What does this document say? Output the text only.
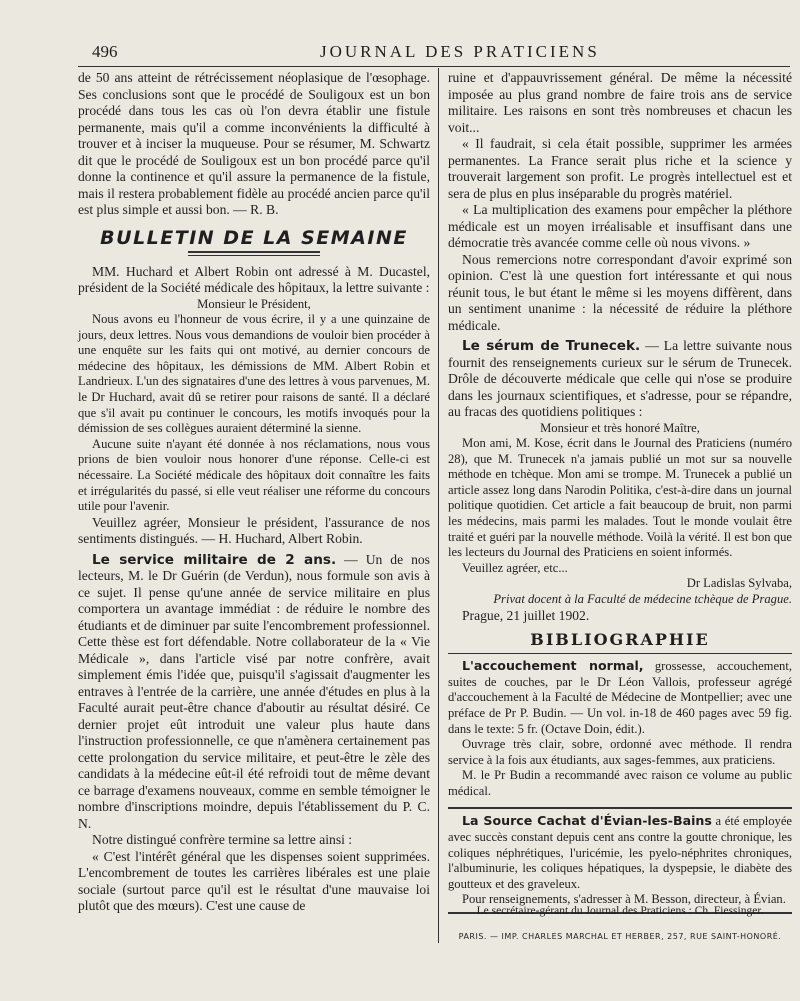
496	JOURNAL DES PRATICIENS

de 50 ans atteint de rétrécissement néoplasique de l'œsophage. Ses conclusions sont que le procédé de Souligoux est un bon procédé dans tous les cas où l'on devra établir une fistule permanente, mais qu'il a comme inconvénients la difficulté à trouver et à inciser la muqueuse. Pour se résumer, M. Schwartz dit que le procédé de Souligoux est un bon procédé parce qu'il donne la continence et qu'il assure la permanence de la fistule, mais il restera probablement fidèle au procédé ancien parce qu'il est plus simple et aussi bon. — R. B.

BULLETIN DE LA SEMAINE

MM. Huchard et Albert Robin ont adressé à M. Ducastel, président de la Société médicale des hôpitaux, la lettre suivante :

Monsieur le Président,

Nous avons eu l'honneur de vous écrire, il y a une quinzaine de jours, deux lettres. Nous vous demandions de vouloir bien procéder à une enquête sur les faits qui ont motivé, au dernier concours de médecine des hôpitaux, les démissions de MM. Albert Robin et Landrieux. L'un des signataires d'une des lettres à vous parvenues, M. le Dr Huchard, avait dû se retirer pour raisons de santé. Il a déclaré que s'il avait pu continuer le concours, les motifs invoqués pour la démission de ses collègues auraient déterminé la sienne.

Aucune suite n'ayant été donnée à nos réclamations, nous vous prions de bien vouloir nous honorer d'une réponse. Celle-ci est nécessaire. La Société médicale des hôpitaux doit connaître les faits et irrégularités du passé, si elle veut réaliser une réforme du concours utile pour l'avenir.

Veuillez agréer, Monsieur le président, l'assurance de nos sentiments distingués. — H. Huchard, Albert Robin.

Le service militaire de 2 ans. — Un de nos lecteurs, M. le Dr Guérin (de Verdun), nous formule son avis à ce sujet. Il pense qu'une année de service militaire en plus comportera un avantage immédiat : de réduire le nombre des étudiants et de diminuer par suite l'encombrement professionnel. Cette thèse est fort défendable. Notre collaborateur de la « Vie Médicale », dans l'article visé par notre confrère, avait simplement émis l'idée que, puisqu'il s'agissait d'augmenter les entraves à l'entrée de la carrière, une année d'études en plus à la Faculté aurait peut-être chance d'aboutir au résultat désiré. Ce dernier projet eût introduit une valeur plus haute dans l'instruction professionnelle, ce que n'amènera certainement pas cette prolongation du service militaire, et peut-être le zèle des candidats à la médecine eût-il été refroidi tout de même devant ce barrage d'examens nouveaux, comme en semble témoigner le nombre d'inscriptions moindre, depuis l'établissement du P. C. N.

Notre distingué confrère termine sa lettre ainsi :

« C'est l'intérêt général que les dispenses soient supprimées. L'encombrement de toutes les carrières libérales est une plaie sociale (surtout parce qu'il est le résultat d'une mauvaise loi plutôt que des mœurs). C'est une cause de

ruine et d'appauvrissement général. De même la nécessité imposée au plus grand nombre de faire trois ans de service militaire. Les raisons en sont très nombreuses et chacun les voit...

« Il faudrait, si cela était possible, supprimer les armées permanentes. La France serait plus riche et la science y trouverait largement son profit. Le progrès intellectuel est et sera de plus en plus inséparable du progrès matériel.

« La multiplication des examens pour empêcher la pléthore médicale est un moyen irréalisable et insuffisant dans une démocratie très avancée comme celle où nous vivons. »

Nous remercions notre correspondant d'avoir exprimé son opinion. C'est là une question fort intéressante et qui nous réunit tous, le but étant le même si les moyens diffèrent, dans un sentiment unanime : la nécessité de réduire la pléthore médicale.

Le sérum de Trunecek. — La lettre suivante nous fournit des renseignements curieux sur le sérum de Trunecek. Drôle de découverte médicale que celle qui n'ose se produire dans les journaux scientifiques, et s'adresse, pour se répandre, au fracas des quotidiens politiques :

Monsieur et très honoré Maître,

Mon ami, M. Kose, écrit dans le Journal des Praticiens (numéro 28), que M. Trunecek n'a jamais publié un mot sur sa nouvelle méthode en tchèque. Mon ami se trompe. M. Trunecek a publié un article assez long dans Narodin Politika, c'est-à-dire dans un journal politique quotidien. Cet article a fait beaucoup de bruit, non parmi les médecins, mais parmi les malades. Tout le monde voulait être traité et guéri par la nouvelle méthode. Voilà la vérité. Il est bon que les lecteurs du Journal des Praticiens en soient informés.

Veuillez agréer, etc...

Dr Ladislas Sylvaba,

Privat docent à la Faculté de médecine tchèque de Prague.

Prague, 21 juillet 1902.

BIBLIOGRAPHIE

L'accouchement normal, grossesse, accouchement, suites de couches, par le Dr Léon Vallois, professeur agrégé d'accouchement à la Faculté de Médecine de Montpellier; avec une préface de Pr P. Budin. — Un vol. in-18 de 460 pages avec 59 fig. dans le texte: 5 fr. (Octave Doin, édit.).

Ouvrage très clair, sobre, ordonné avec méthode. Il rendra service à la fois aux étudiants, aux sages-femmes, aux praticiens.

M. le Pr Budin a recommandé avec raison ce volume au public médical.

La Source Cachat d'Évian-les-Bains a été employée avec succès constant depuis cent ans contre la goutte chronique, les coliques néphrétiques, l'uricémie, les pyelo-néphrites chroniques, l'albuminurie, les coliques hépatiques, la dyspepsie, le diabète des goutteux et des graveleux.

Pour renseignements, s'adresser à M. Besson, directeur, à Évian.

Le secrétaire-gérant du Journal des Praticiens : Ch. Fiessinger.
PARIS. — IMP. CHARLES MARCHAL ET HERBER, 257, RUE SAINT-HONORÉ.
